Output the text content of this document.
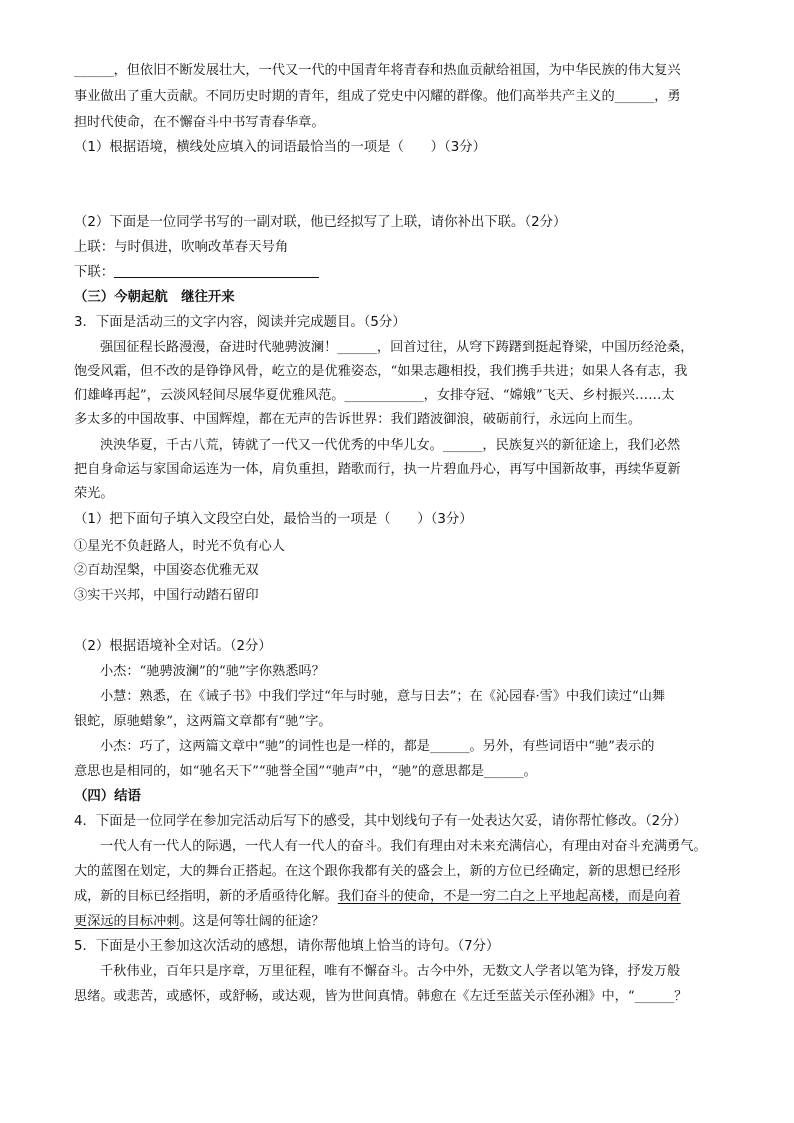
______，但依旧不断发展壮大，一代又一代的中国青年将青春和热血贡献给祖国，为中华民族的伟大复兴
事业做出了重大贡献。不同历史时期的青年，组成了党史中闪耀的群像。他们高举共产主义的______，勇
担时代使命，在不懈奋斗中书写青春华章。
（1）根据语境，横线处应填入的词语最恰当的一项是（　　）（3分）
（2）下面是一位同学书写的一副对联，他已经拟写了上联，请你补出下联。（2分）
上联：与时俱进，吹响改革春天号角
下联：
（三）今朝起航　继往开来
3．下面是活动三的文字内容，阅读并完成题目。（5分）
强国征程长路漫漫，奋进时代驰骋波澜！______，回首过往，从穹下踌躇到挺起脊梁，中国历经沧桑，
饱受风霜，但不改的是铮铮风骨，屹立的是优雅姿态，“如果志趣相投，我们携手共进；如果人各有志，我
们雄峰再起”，云淡风轻间尽展华夏优雅风范。____________，女排夺冠、“嫦娥”飞天、乡村振兴……太
多太多的中国故事、中国辉煌，都在无声的告诉世界：我们踏波御浪，破砺前行，永远向上而生。
泱泱华夏，千古八荒，铸就了一代又一代优秀的中华儿女。______，民族复兴的新征途上，我们必然
把自身命运与家国命运连为一体，肩负重担，踏歌而行，执一片碧血丹心，再写中国新故事，再续华夏新
荣光。
（1）把下面句子填入文段空白处，最恰当的一项是（　　）（3分）
①星光不负赶路人，时光不负有心人
②百劫涅槃，中国姿态优雅无双
③实干兴邦，中国行动踏石留印
（2）根据语境补全对话。（2分）
小杰：“驰骋波澜”的“驰”字你熟悉吗？
小慧：熟悉，在《诫子书》中我们学过“年与时驰，意与日去”；在《沁园春·雪》中我们读过“山舞
银蛇，原驰蜡象”，这两篇文章都有“驰”字。
小杰：巧了，这两篇文章中“驰”的词性也是一样的，都是______。另外，有些词语中“驰”表示的
意思也是相同的，如“驰名天下”“驰誉全国”“驰声”中，“驰”的意思都是______。
（四）结语
4．下面是一位同学在参加完活动后写下的感受，其中划线句子有一处表达欠妥，请你帮忙修改。（2分）
一代人有一代人的际遇，一代人有一代人的奋斗。我们有理由对未来充满信心，有理由对奋斗充满勇气。
大的蓝图在划定，大的舞台正搭起。在这个跟你我都有关的盛会上，新的方位已经确定，新的思想已经形
成，新的目标已经指明，新的矛盾亟待化解。我们奋斗的使命，不是一穷二白之上平地起高楼，而是向着
更深远的目标冲刺。这是何等壮阔的征途？
5．下面是小王参加这次活动的感想，请你帮他填上恰当的诗句。（7分）
千秋伟业，百年只是序章，万里征程，唯有不懈奋斗。古今中外，无数文人学者以笔为锋，抒发万般
思绪。或悲苦，或感怀，或舒畅，或达观，皆为世间真情。韩愈在《左迁至蓝关示侄孙湘》中，“______？
